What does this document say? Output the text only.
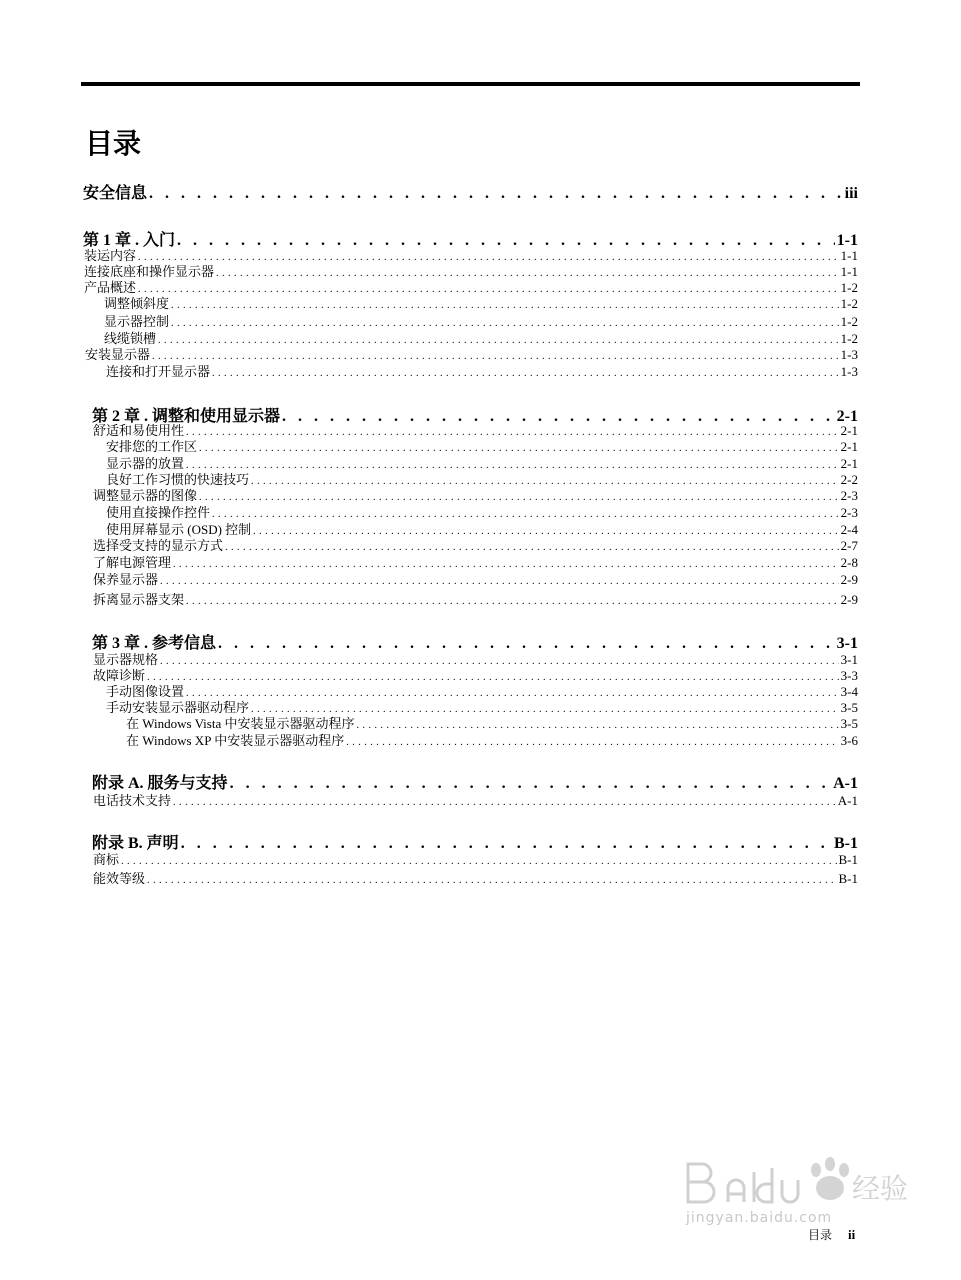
目录
安全信息 . . .	iii
第 1 章 . 入门 . . .	1-1
装运内容 . . .	1-1
连接底座和操作显示器 . . .	1-1
产品概述 . . .	1-2
调整倾斜度 . . .	1-2
显示器控制 . . .	1-2
线缆锁槽 . . .	1-2
安装显示器 . . .	1-3
连接和打开显示器 . . .	1-3
第 2 章 . 调整和使用显示器 . . .	2-1
舒适和易使用性 . . .	2-1
安排您的工作区 . . .	2-1
显示器的放置 . . .	2-1
良好工作习惯的快速技巧 . . .	2-2
调整显示器的图像 . . .	2-3
使用直接操作控件 . . .	2-3
使用屏幕显示 (OSD) 控制 . . .	2-4
选择受支持的显示方式 . . .	2-7
了解电源管理 . . .	2-8
保养显示器 . . .	2-9
拆离显示器支架 . . .	2-9
第 3 章 . 参考信息 . . .	3-1
显示器规格 . . .	3-1
故障诊断 . . .	3-3
手动图像设置 . . .	3-4
手动安装显示器驱动程序 . . .	3-5
在 Windows Vista 中安装显示器驱动程序 . . .	3-5
在 Windows XP 中安装显示器驱动程序 . . .	3-6
附录 A. 服务与支持 . . .	A-1
电话技术支持 . . .	A-1
附录 B. 声明 . . .	B-1
商标 . . .	B-1
能效等级 . . .	B-1
目录 ii
经验
jingyan.baidu.com
